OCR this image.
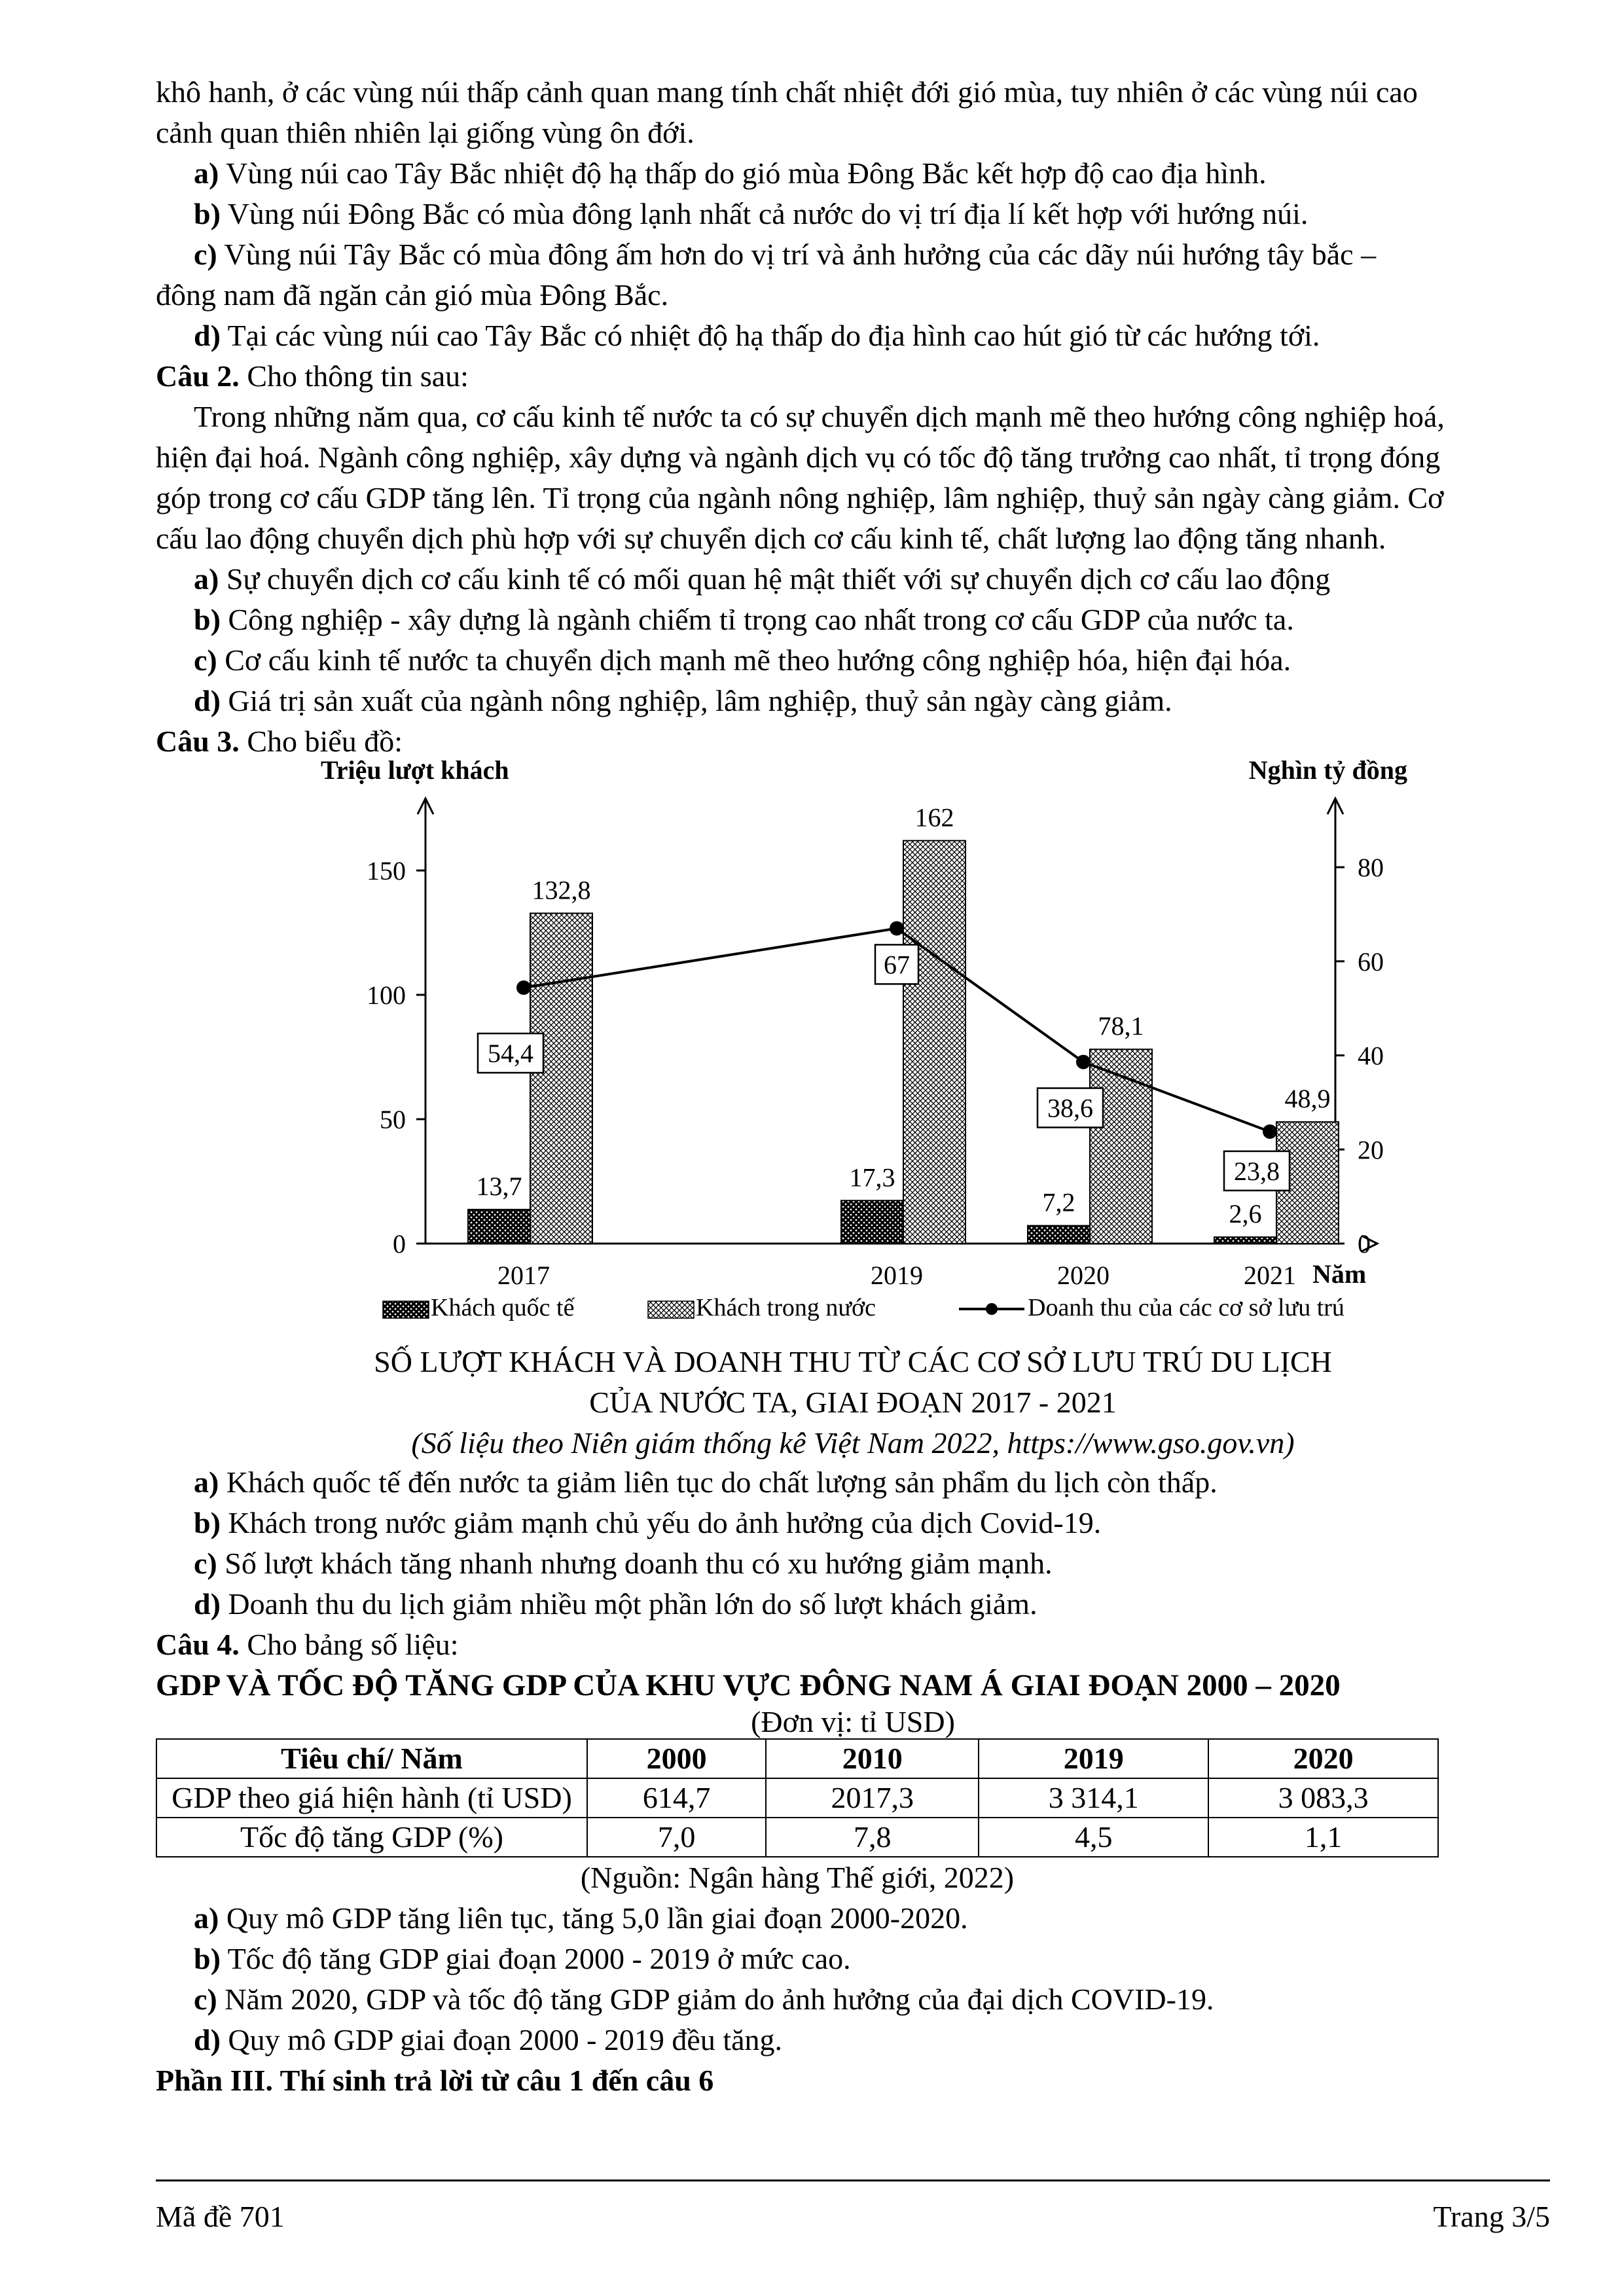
khô hanh, ở các vùng núi thấp cảnh quan mang tính chất nhiệt đới gió mùa, tuy nhiên ở các vùng núi cao

cảnh quan thiên nhiên lại giống vùng ôn đới.

a) Vùng núi cao Tây Bắc nhiệt độ hạ thấp do gió mùa Đông Bắc kết hợp độ cao địa hình.

b) Vùng núi Đông Bắc có mùa đông lạnh nhất cả nước do vị trí địa lí kết hợp với hướng núi.

c) Vùng núi Tây Bắc có mùa đông ấm hơn do vị trí và ảnh hưởng của các dãy núi hướng tây bắc –

đông nam đã ngăn cản gió mùa Đông Bắc.

d) Tại các vùng núi cao Tây Bắc có nhiệt độ hạ thấp do địa hình cao hút gió từ các hướng tới.

Câu 2. Cho thông tin sau:

Trong những năm qua, cơ cấu kinh tế nước ta có sự chuyển dịch mạnh mẽ theo hướng công nghiệp hoá,

hiện đại hoá. Ngành công nghiệp, xây dựng và ngành dịch vụ có tốc độ tăng trưởng cao nhất, tỉ trọng đóng

góp trong cơ cấu GDP tăng lên. Tỉ trọng của ngành nông nghiệp, lâm nghiệp, thuỷ sản ngày càng giảm. Cơ

cấu lao động chuyển dịch phù hợp với sự chuyển dịch cơ cấu kinh tế, chất lượng lao động tăng nhanh.

a) Sự chuyển dịch cơ cấu kinh tế có mối quan hệ mật thiết với sự chuyển dịch cơ cấu lao động

b) Công nghiệp - xây dựng là ngành chiếm tỉ trọng cao nhất trong cơ cấu GDP của nước ta.

c) Cơ cấu kinh tế nước ta chuyển dịch mạnh mẽ theo hướng công nghiệp hóa, hiện đại hóa.

d) Giá trị sản xuất của ngành nông nghiệp, lâm nghiệp, thuỷ sản ngày càng giảm.

Câu 3. Cho biểu đồ:

Triệu lượt khách	Nghìn tỷ đồng
Năm
0
50
100
150
0
20
40
60
80
13,7
132,8
2017
17,3
162
2019
7,2
78,1
2020
2,6
48,9
2021
54,4
67
38,6
23,8
Khách quốc tế	Khách trong nước	Doanh thu của các cơ sở lưu trú

SỐ LƯỢT KHÁCH VÀ DOANH THU TỪ CÁC CƠ SỞ LƯU TRÚ DU LỊCH

CỦA NƯỚC TA, GIAI ĐOẠN 2017 - 2021

(Số liệu theo Niên giám thống kê Việt Nam 2022, https://www.gso.gov.vn)

a) Khách quốc tế đến nước ta giảm liên tục do chất lượng sản phẩm du lịch còn thấp.

b) Khách trong nước giảm mạnh chủ yếu do ảnh hưởng của dịch Covid-19.

c) Số lượt khách tăng nhanh nhưng doanh thu có xu hướng giảm mạnh.

d) Doanh thu du lịch giảm nhiều một phần lớn do số lượt khách giảm.

Câu 4. Cho bảng số liệu:

GDP VÀ TỐC ĐỘ TĂNG GDP CỦA KHU VỰC ĐÔNG NAM Á GIAI ĐOẠN 2000 – 2020

(Đơn vị: tỉ USD)

Tiêu chí/ Năm	2000	2010	2019	2020
GDP theo giá hiện hành (tỉ USD)	614,7	2017,3	3 314,1	3 083,3
Tốc độ tăng GDP (%)	7,0	7,8	4,5	1,1

(Nguồn: Ngân hàng Thế giới, 2022)

a) Quy mô GDP tăng liên tục, tăng 5,0 lần giai đoạn 2000-2020.

b) Tốc độ tăng GDP giai đoạn 2000 - 2019 ở mức cao.

c) Năm 2020, GDP và tốc độ tăng GDP giảm do ảnh hưởng của đại dịch COVID-19.

d) Quy mô GDP giai đoạn 2000 - 2019 đều tăng.

Phần III. Thí sinh trả lời từ câu 1 đến câu 6

Mã đề 701	Trang 3/5
